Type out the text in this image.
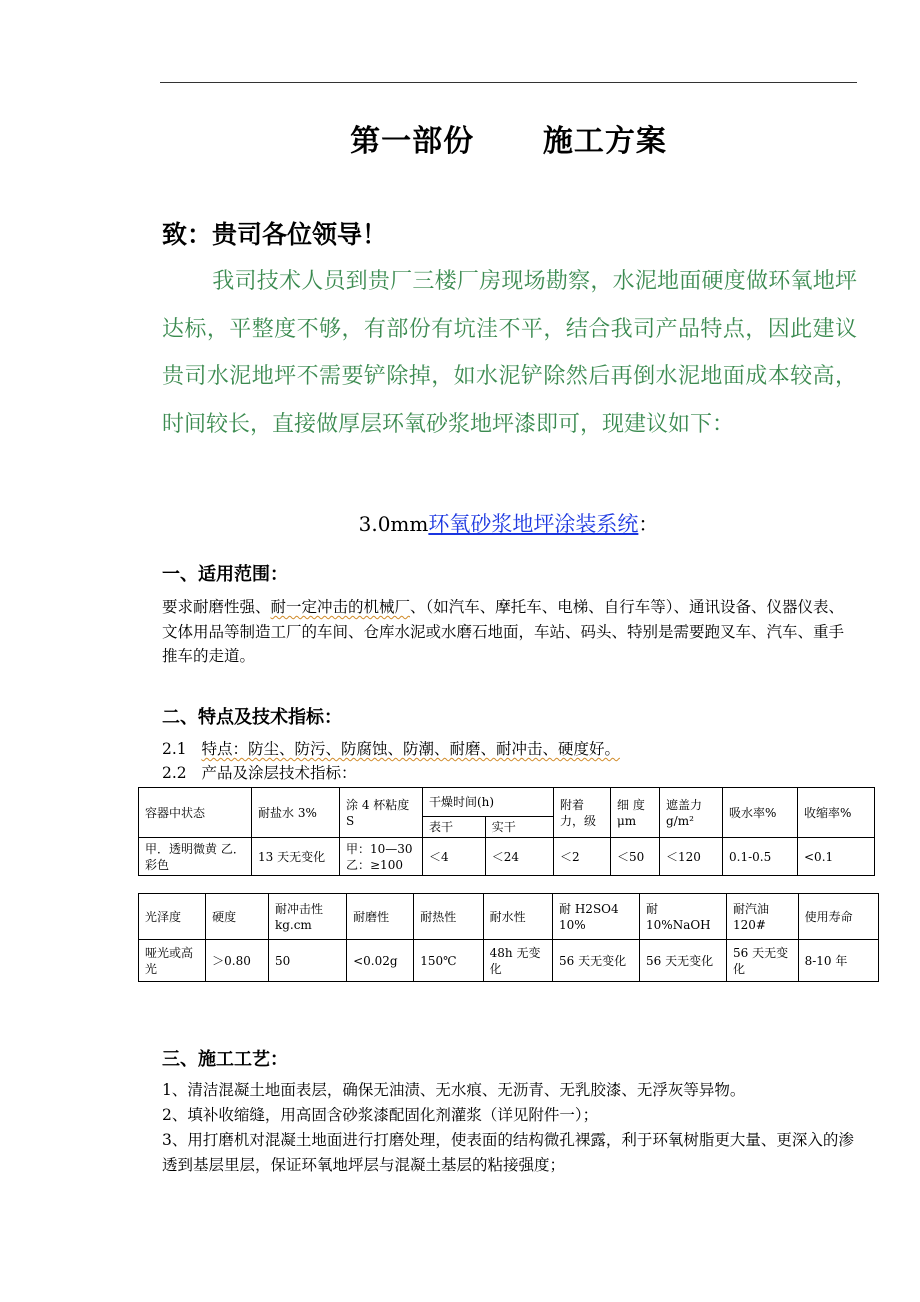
第一部份      施工方案
致：贵司各位领导！
我司技术人员到贵厂三楼厂房现场勘察，水泥地面硬度做环氧地坪达标，平整度不够，有部份有坑洼不平，结合我司产品特点，因此建议贵司水泥地坪不需要铲除掉，如水泥铲除然后再倒水泥地面成本较高，时间较长，直接做厚层环氧砂浆地坪漆即可，现建议如下：
3.0mm环氧砂浆地坪涂装系统：
一、适用范围：
要求耐磨性强、耐一定冲击的机械厂、（如汽车、摩托车、电梯、自行车等）、通讯设备、仪器仪表、文体用品等制造工厂的车间、仓库水泥或水磨石地面，车站、码头、特别是需要跑叉车、汽车、重手推车的走道。
二、特点及技术指标：
2.1 特点：防尘、防污、防腐蚀、防潮、耐磨、耐冲击、硬度好。
2.2 产品及涂层技术指标：
容器中状态	耐盐水 3%	涂 4 杯粘度 S	干燥时间(h)		附着力，级	细 度 μm	遮盖力 g/m²	吸水率%	收缩率%
			表干	实干					
甲．透明微黄 乙．彩色	13 天无变化	甲：10—30 乙：≥100	＜4	＜24	＜2	＜50	＜120	0.1-0.5	<0.1
光泽度	硬度	耐冲击性 kg.cm	耐磨性	耐热性	耐水性	耐 H2SO4 10%	耐 10%NaOH	耐汽油 120#	使用寿命
哑光或高光	＞0.80	50	<0.02g	150℃	48h 无变化	56 天无变化	56 天无变化	56 天无变化	8-10 年
三、施工工艺：
1、清洁混凝土地面表层，确保无油渍、无水痕、无沥青、无乳胶漆、无浮灰等异物。
2、填补收缩缝，用高固含砂浆漆配固化剂灌浆（详见附件一）；
3、用打磨机对混凝土地面进行打磨处理，使表面的结构微孔裸露，利于环氧树脂更大量、更深入的渗透到基层里层，保证环氧地坪层与混凝土基层的粘接强度；
